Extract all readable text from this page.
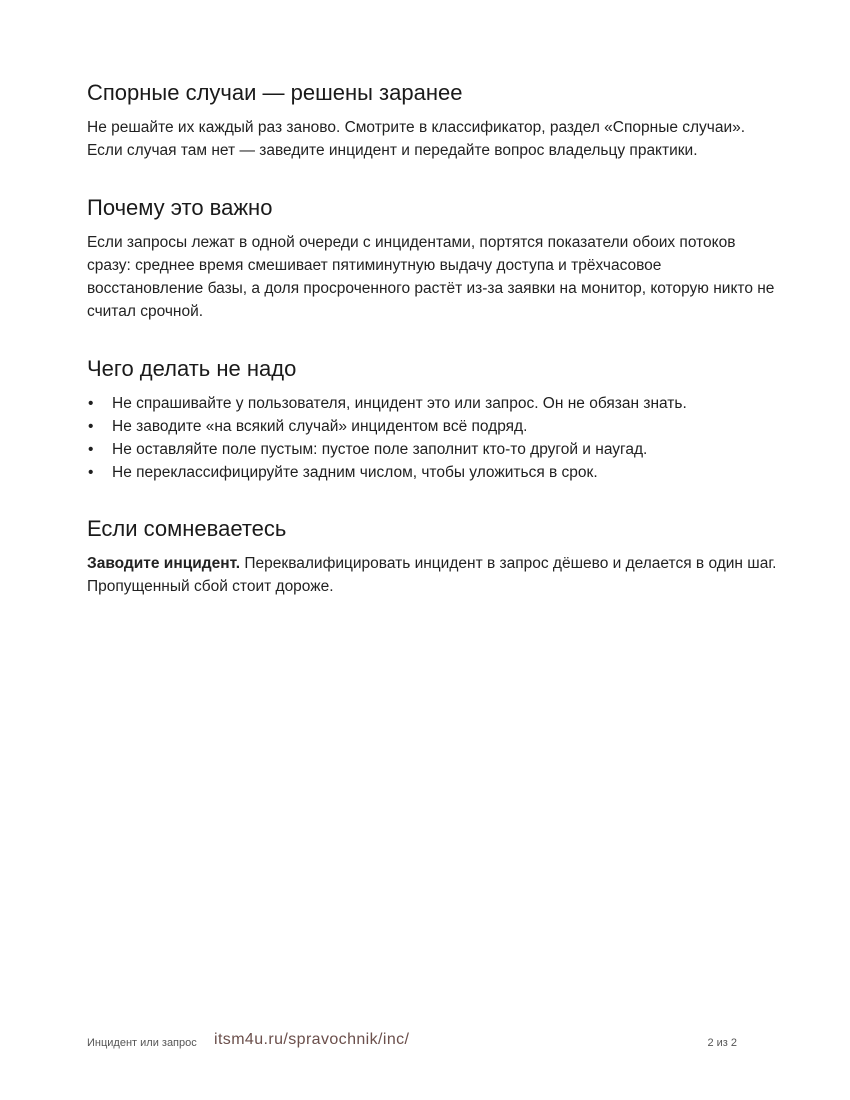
Спорные случаи — решены заранее

Не решайте их каждый раз заново. Смотрите в классификатор, раздел «Спорные случаи». Если случая там нет — заведите инцидент и передайте вопрос владельцу практики.

Почему это важно

Если запросы лежат в одной очереди с инцидентами, портятся показатели обоих потоков сразу: среднее время смешивает пятиминутную выдачу доступа и трёхчасовое восстановление базы, а доля просроченного растёт из-за заявки на монитор, которую никто не считал срочной.

Чего делать не надо
• Не спрашивайте у пользователя, инцидент это или запрос. Он не обязан знать.
• Не заводите «на всякий случай» инцидентом всё подряд.
• Не оставляйте поле пустым: пустое поле заполнит кто-то другой и наугад.
• Не переклассифицируйте задним числом, чтобы уложиться в срок.
Если сомневаетесь

Заводите инцидент. Переквалифицировать инцидент в запрос дёшево и делается в один шаг. Пропущенный сбой стоит дороже.

Инцидент или запрос itsm4u.ru/spravochnik/inc/	2 из 2
